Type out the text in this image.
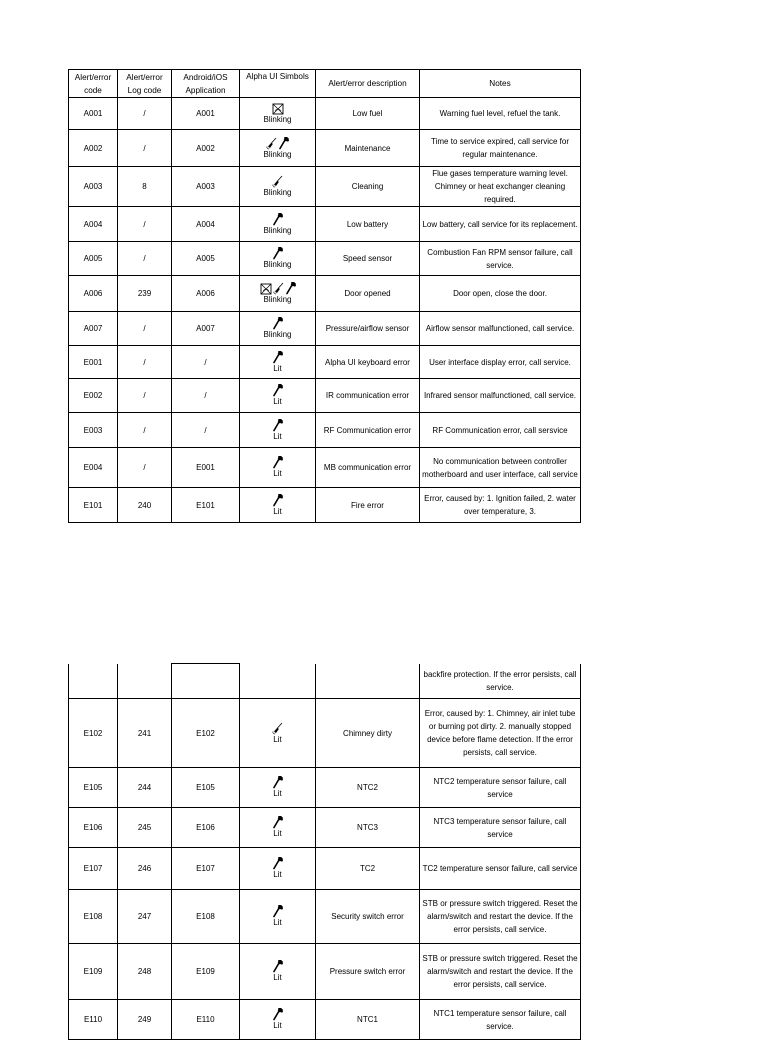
Alert/error code	Alert/error Log code	Android/iOS Application	Alpha UI Simbols	Alert/error description	Notes
A001	/	A001	Blinking	Low fuel	Warning fuel level, refuel the tank.
A002	/	A002	Blinking	Maintenance	Time to service expired, call service for regular maintenance.
A003	8	A003	Blinking	Cleaning	Flue gases temperature warning level. Chimney or heat exchanger cleaning required.
A004	/	A004	Blinking	Low battery	Low battery, call service for its replacement.
A005	/	A005	Blinking	Speed sensor	Combustion Fan RPM sensor failure, call service.
A006	239	A006	Blinking	Door opened	Door open, close the door.
A007	/	A007	Blinking	Pressure/airflow sensor	Airflow sensor malfunctioned, call service.
E001	/	/	Lit	Alpha UI keyboard error	User interface display error, call service.
E002	/	/	Lit	IR communication error	Infrared sensor malfunctioned, call service.
E003	/	/	Lit	RF Communication error	RF Communication error, call sersvice
E004	/	E001	Lit	MB communication error	No communication between controller motherboard and user interface, call service
E101	240	E101	Lit	Fire error	Error, caused by: 1. Ignition failed, 2. water over temperature, 3.
					backfire protection. If the error persists, call service.
E102	241	E102	Lit	Chimney dirty	Error, caused by: 1. Chimney, air inlet tube or burning pot dirty. 2. manually stopped device before flame detection. If the error persists, call service.
E105	244	E105	Lit	NTC2	NTC2 temperature sensor failure, call service
E106	245	E106	Lit	NTC3	NTC3 temperature sensor failure, call service
E107	246	E107	Lit	TC2	TC2 temperature sensor failure, call service
E108	247	E108	Lit	Security switch error	STB or pressure switch triggered. Reset the alarm/switch and restart the device. If the error persists, call service.
E109	248	E109	Lit	Pressure switch error	STB or pressure switch triggered. Reset the alarm/switch and restart the device. If the error persists, call service.
E110	249	E110	Lit	NTC1	NTC1 temperature sensor failure, call service.
